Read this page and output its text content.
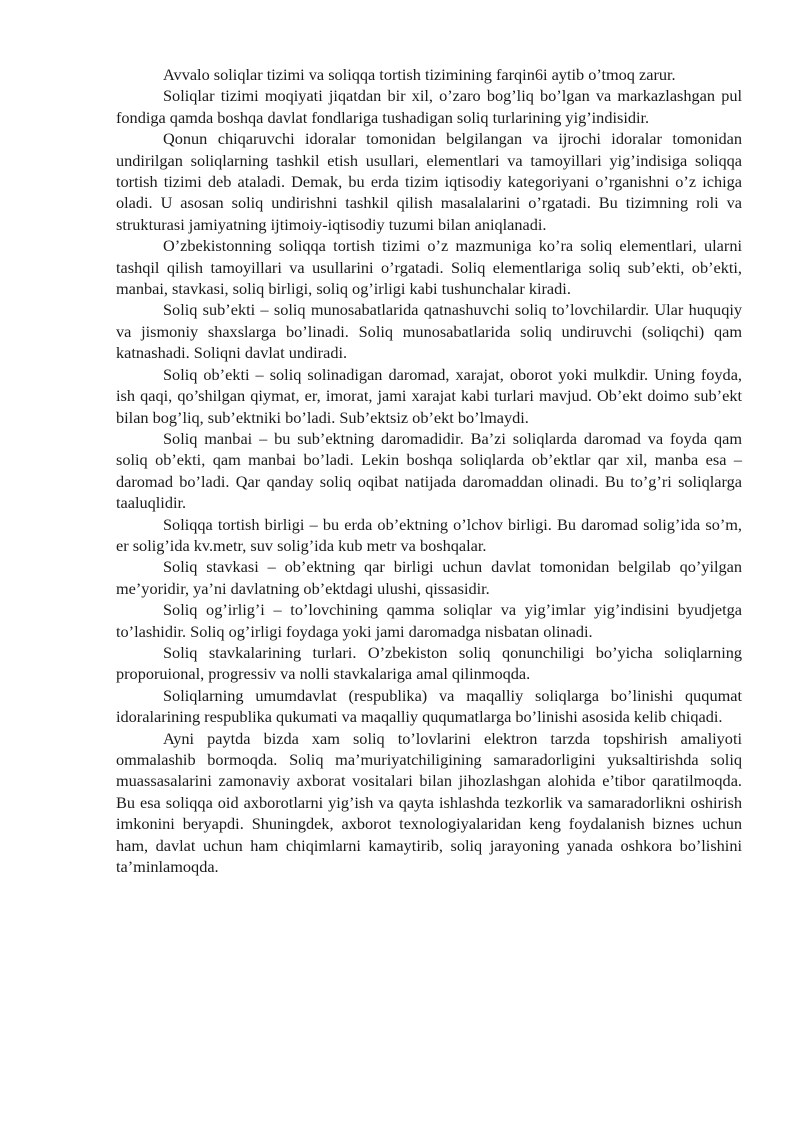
Avvalo soliqlar tizimi va soliqqa tortish tizimining farqin6i aytib o’tmoq zarur.

Soliqlar tizimi moqiyati jiqatdan bir xil, o’zaro bog’liq bo’lgan va markazlashgan pul fondiga qamda boshqa davlat fondlariga tushadigan soliq turlarining yig’indisidir.

Qonun chiqaruvchi idoralar tomonidan belgilangan va ijrochi idoralar tomonidan undirilgan soliqlarning tashkil etish usullari, elementlari va tamoyillari yig’indisiga soliqqa tortish tizimi deb ataladi. Demak, bu erda tizim iqtisodiy kategoriyani o’rganishni o’z ichiga oladi. U asosan soliq undirishni tashkil qilish masalalarini o’rgatadi. Bu tizimning roli va strukturasi jamiyatning ijtimoiy-iqtisodiy tuzumi bilan aniqlanadi.

O’zbekistonning soliqqa tortish tizimi o’z mazmuniga ko’ra soliq elementlari, ularni tashqil qilish tamoyillari va usullarini o’rgatadi. Soliq elementlariga soliq sub’ekti, ob’ekti, manbai, stavkasi, soliq birligi, soliq og’irligi kabi tushunchalar kiradi.

Soliq sub’ekti – soliq munosabatlarida qatnashuvchi soliq to’lovchilardir. Ular huquqiy va jismoniy shaxslarga bo’linadi. Soliq munosabatlarida soliq undiruvchi (soliqchi) qam katnashadi. Soliqni davlat undiradi.

Soliq ob’ekti – soliq solinadigan daromad, xarajat, oborot yoki mulkdir. Uning foyda, ish qaqi, qo’shilgan qiymat, er, imorat, jami xarajat kabi turlari mavjud. Ob’ekt doimo sub’ekt bilan bog’liq, sub’ektniki bo’ladi. Sub’ektsiz ob’ekt bo’lmaydi.

Soliq manbai – bu sub’ektning daromadidir. Ba’zi soliqlarda daromad va foyda qam soliq ob’ekti, qam manbai bo’ladi. Lekin boshqa soliqlarda ob’ektlar qar xil, manba esa – daromad bo’ladi. Qar qanday soliq oqibat natijada daromaddan olinadi. Bu to’g’ri soliqlarga taaluqlidir.

Soliqqa tortish birligi – bu erda ob’ektning o’lchov birligi. Bu daromad solig’ida so’m, er solig’ida kv.metr, suv solig’ida kub metr va boshqalar.

Soliq stavkasi – ob’ektning qar birligi uchun davlat tomonidan belgilab qo’yilgan me’yoridir, ya’ni davlatning ob’ektdagi ulushi, qissasidir.

Soliq og’irlig’i – to’lovchining qamma soliqlar va yig’imlar yig’indisini byudjetga to’lashidir. Soliq og’irligi foydaga yoki jami daromadga nisbatan olinadi.

Soliq stavkalarining turlari. O’zbekiston soliq qonunchiligi bo’yicha soliqlarning proporuional, progressiv va nolli stavkalariga amal qilinmoqda.

Soliqlarning umumdavlat (respublika) va maqalliy soliqlarga bo’linishi ququmat idoralarining respublika qukumati va maqalliy ququmatlarga bo’linishi asosida kelib chiqadi.

Ayni paytda bizda xam soliq to’lovlarini elektron tarzda topshirish amaliyoti ommalashib bormoqda. Soliq ma’muriyatchiligining samaradorligini yuksaltirishda soliq muassasalarini zamonaviy axborat vositalari bilan jihozlashgan alohida e’tibor qaratilmoqda. Bu esa soliqqa oid axborotlarni yig’ish va qayta ishlashda tezkorlik va samaradorlikni oshirish imkonini beryapdi. Shuningdek, axborot texnologiyalaridan keng foydalanish biznes uchun ham, davlat uchun ham chiqimlarni kamaytirib, soliq jarayoning yanada oshkora bo’lishini ta’minlamoqda.
